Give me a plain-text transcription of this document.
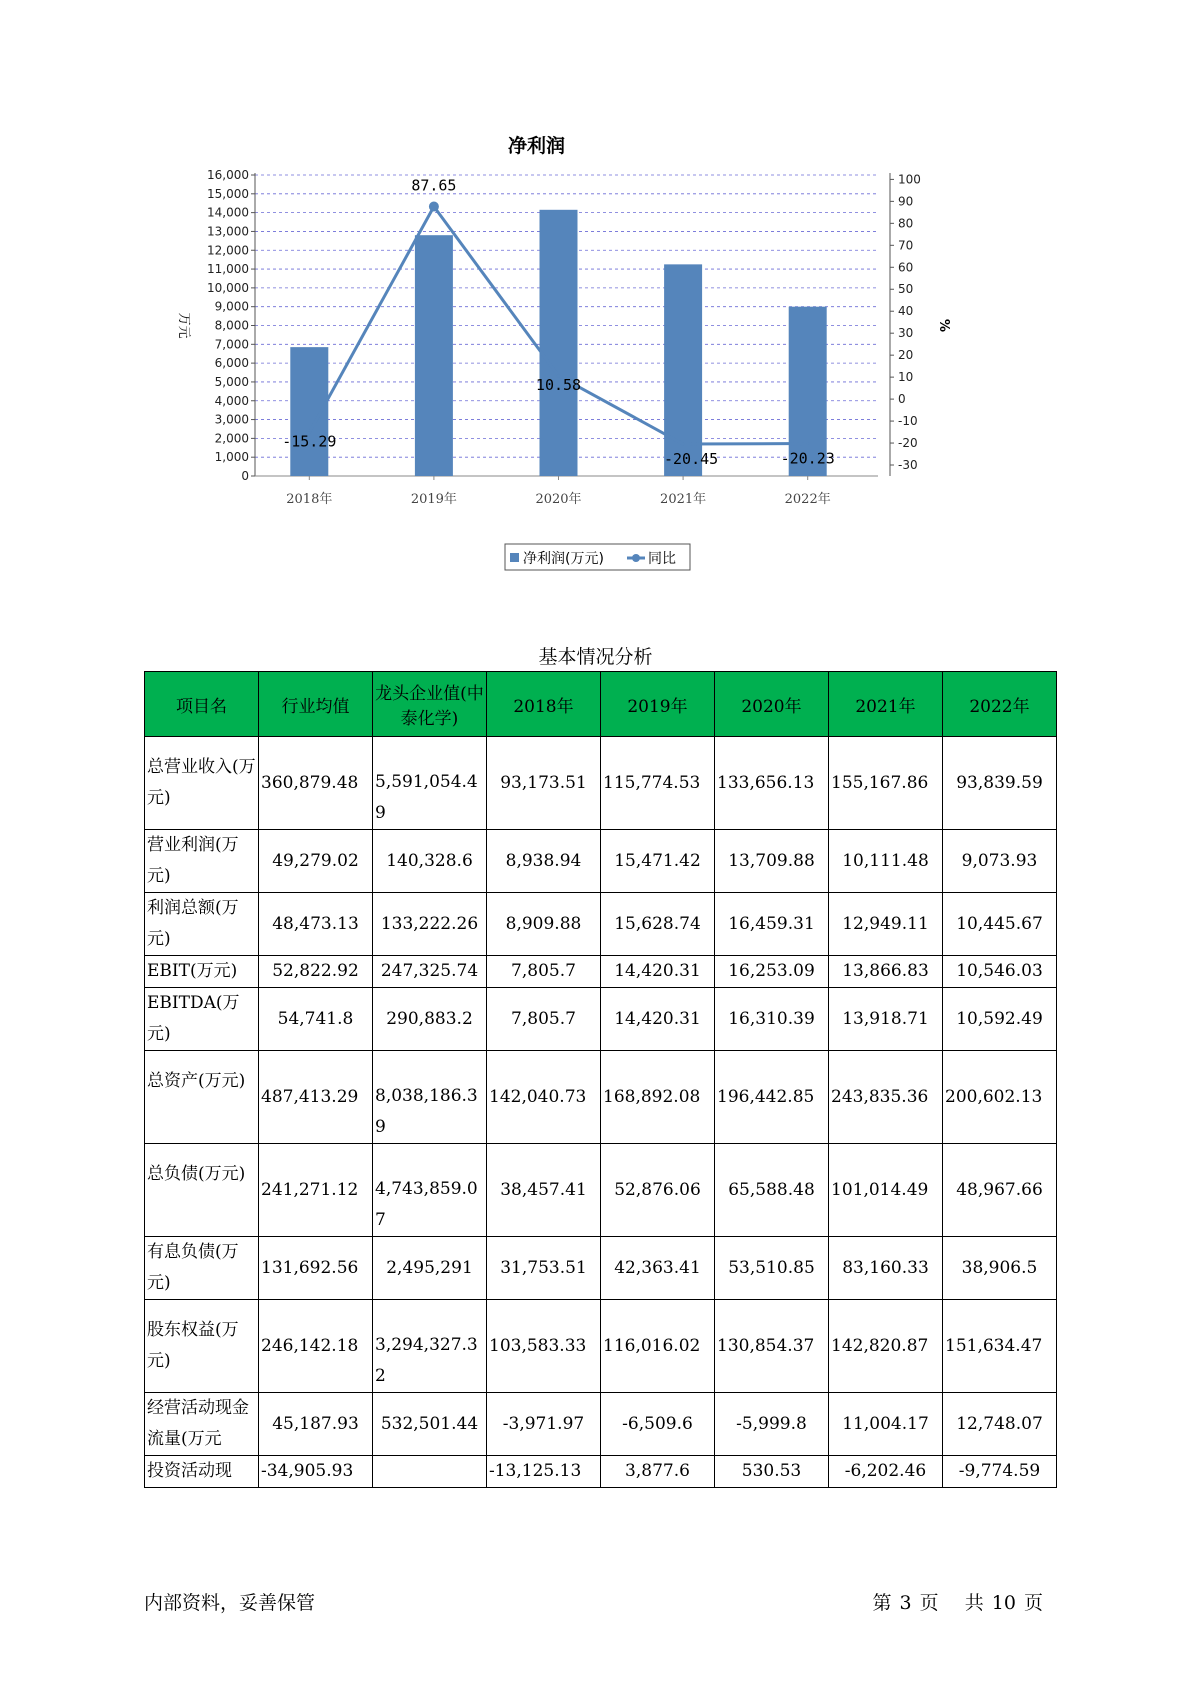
净利润
0
1,000
2,000
3,000
4,000
5,000
6,000
7,000
8,000
9,000
10,000
11,000
12,000
13,000
14,000
15,000
16,000
-30
-20
-10
0
10
20
30
40
50
60
70
80
90
100
万元	%
2018年	2019年	2020年	2021年	2022年
-15.29
87.65
10.58
-20.45	-20.23
净利润(万元)	同比
基本情况分析
项目名	行业均值	龙头企业值(中泰化学)	2018年	2019年	2020年	2021年	2022年
总营业收入(万元)	360,879.48	5,591,054.49	93,173.51	115,774.53	133,656.13	155,167.86	93,839.59
营业利润(万元)	49,279.02	140,328.6	8,938.94	15,471.42	13,709.88	10,111.48	9,073.93
利润总额(万元)	48,473.13	133,222.26	8,909.88	15,628.74	16,459.31	12,949.11	10,445.67
EBIT(万元)	52,822.92	247,325.74	7,805.7	14,420.31	16,253.09	13,866.83	10,546.03
EBITDA(万元)	54,741.8	290,883.2	7,805.7	14,420.31	16,310.39	13,918.71	10,592.49
总资产(万元)	487,413.29	8,038,186.39	142,040.73	168,892.08	196,442.85	243,835.36	200,602.13
总负债(万元)	241,271.12	4,743,859.07	38,457.41	52,876.06	65,588.48	101,014.49	48,967.66
有息负债(万元)	131,692.56	2,495,291	31,753.51	42,363.41	53,510.85	83,160.33	38,906.5
股东权益(万元)	246,142.18	3,294,327.32	103,583.33	116,016.02	130,854.37	142,820.87	151,634.47
经营活动现金流量(万元	45,187.93	532,501.44	-3,971.97	-6,509.6	-5,999.8	11,004.17	12,748.07
投资活动现	-34,905.93		-13,125.13	3,877.6	530.53	-6,202.46	-9,774.59
内部资料，妥善保管	第 3 页 共 10 页
